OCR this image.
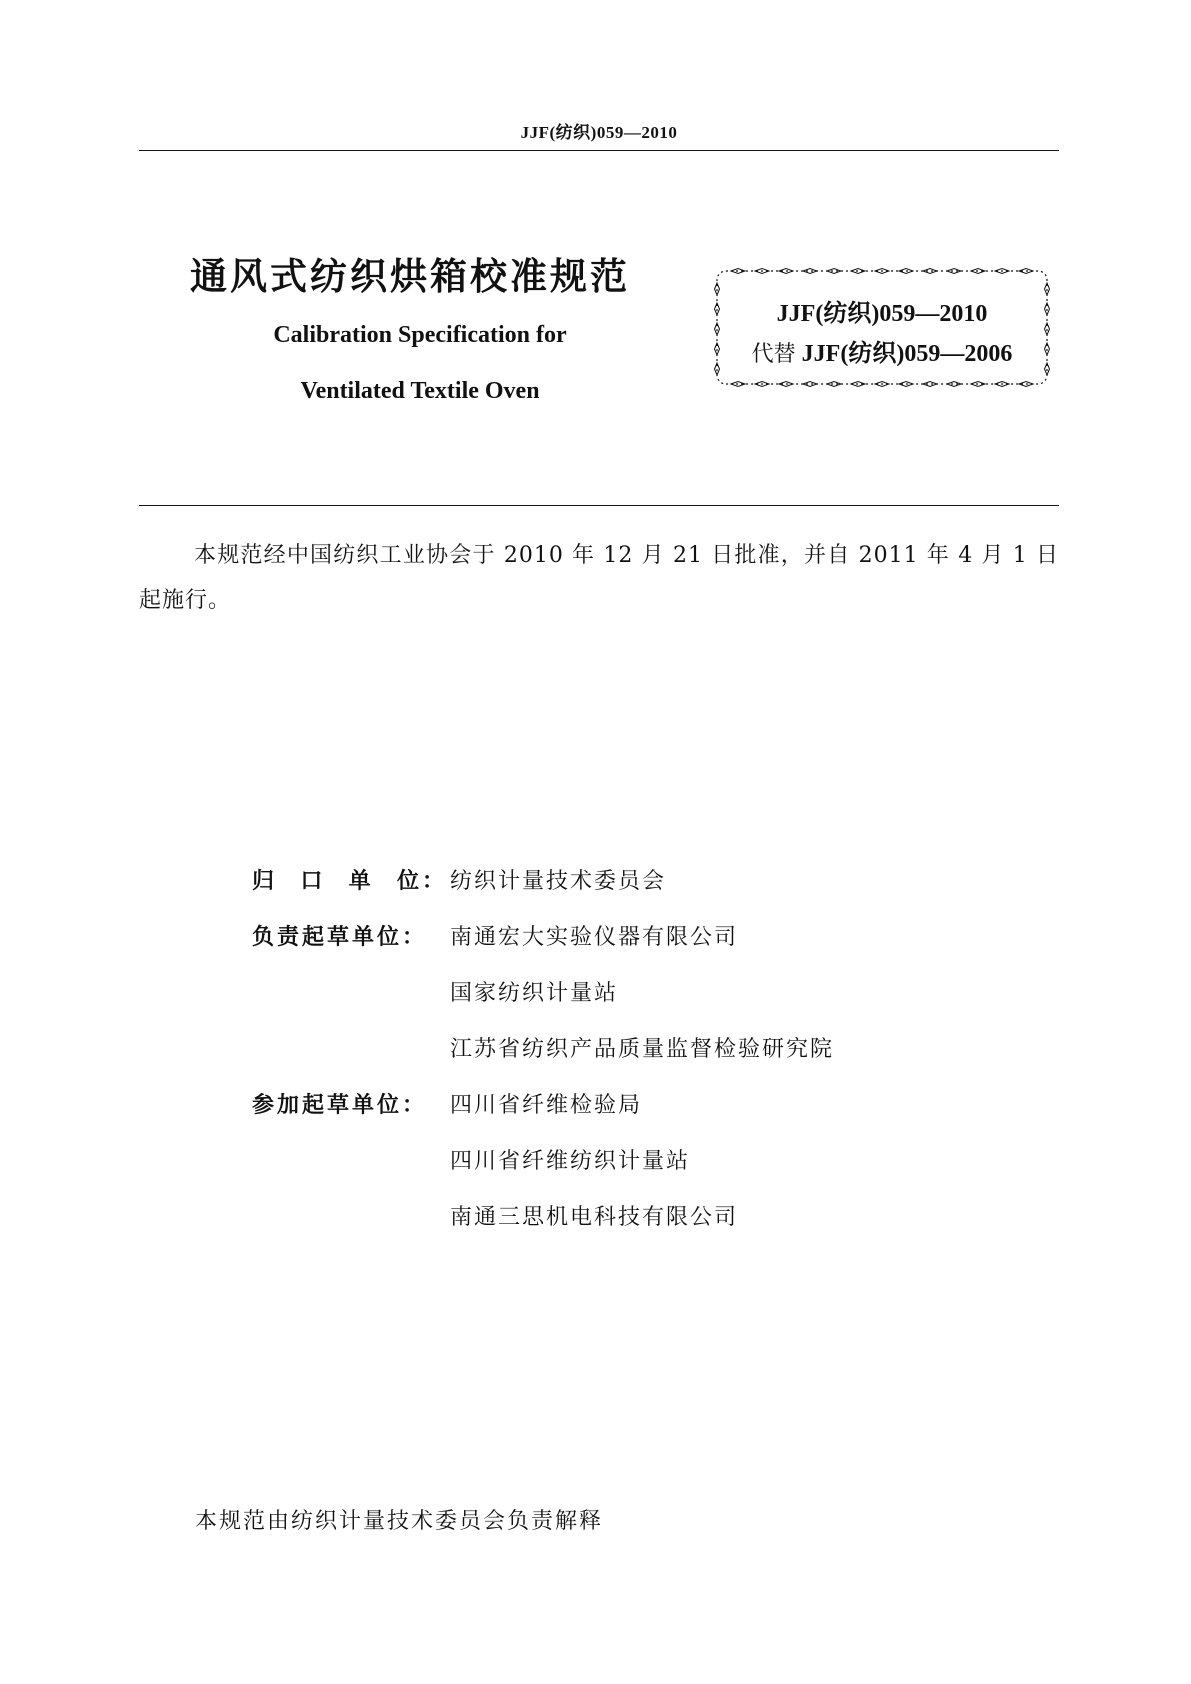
JJF(纺织)059—2010
通风式纺织烘箱校准规范
Calibration Specification for
Ventilated Textile Oven
JJF(纺织)059—2010
代替 JJF(纺织)059—2006
本规范经中国纺织工业协会于 2010 年 12 月 21 日批准，并自 2011 年 4 月 1 日起施行。
归 口 单 位 ： 纺织计量技术委员会
负责起草单位：	南通宏大实验仪器有限公司
国家纺织计量站
江苏省纺织产品质量监督检验研究院
参加起草单位：	四川省纤维检验局
四川省纤维纺织计量站
南通三思机电科技有限公司
本规范由纺织计量技术委员会负责解释
